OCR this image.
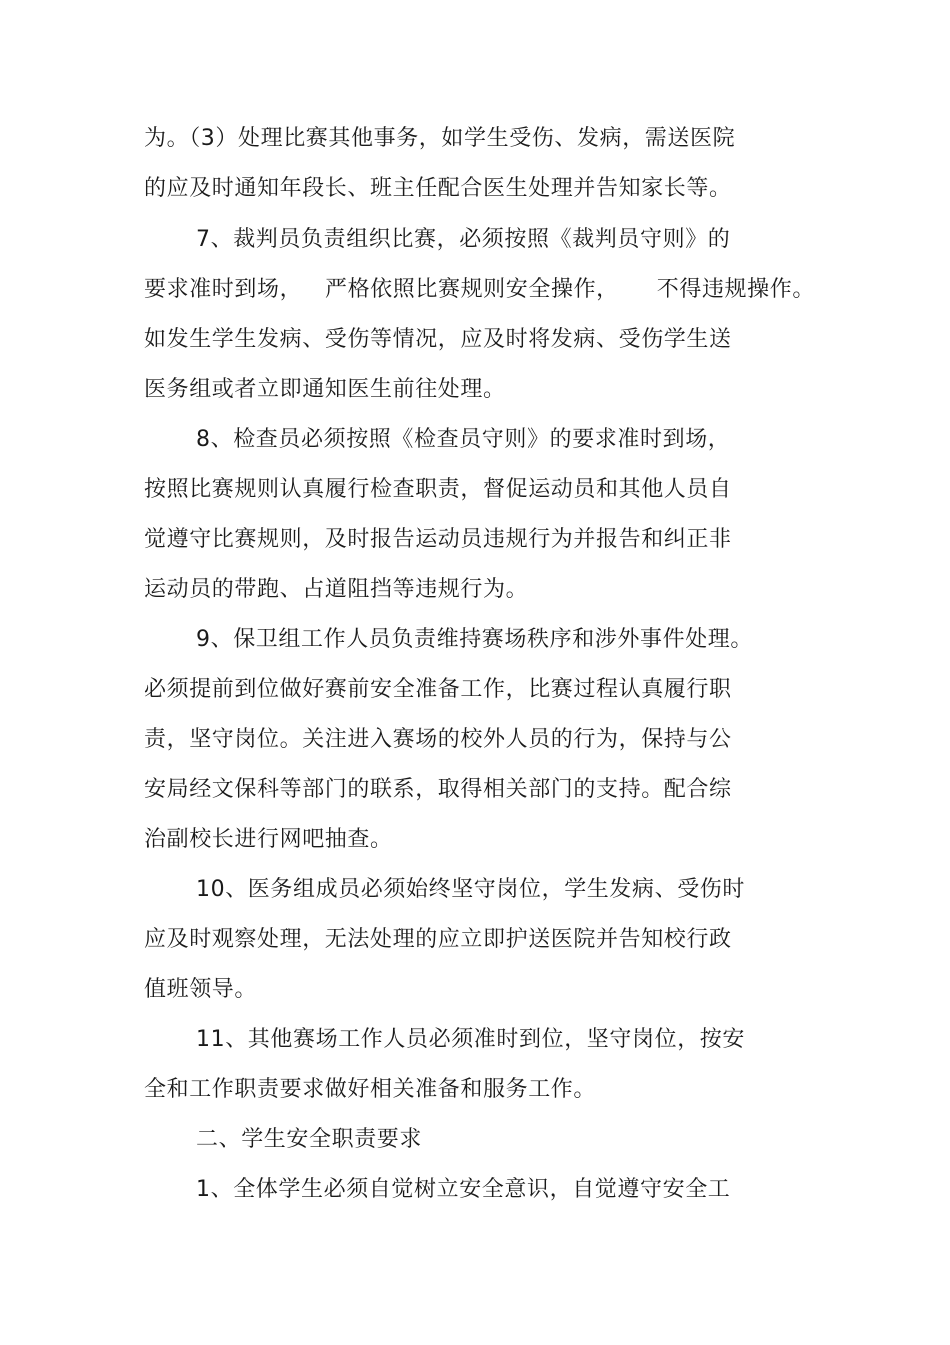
为。（3）处理比赛其他事务，如学生受伤、发病，需送医院
的应及时通知年段长、班主任配合医生处理并告知家长等。
7、裁判员负责组织比赛，必须按照《裁判员守则》的
要求准时到场，   严格依照比赛规则安全操作，     不得违规操作。
如发生学生发病、受伤等情况，应及时将发病、受伤学生送
医务组或者立即通知医生前往处理。
8、检查员必须按照《检查员守则》的要求准时到场，
按照比赛规则认真履行检查职责，督促运动员和其他人员自
觉遵守比赛规则，及时报告运动员违规行为并报告和纠正非
运动员的带跑、占道阻挡等违规行为。
9、保卫组工作人员负责维持赛场秩序和涉外事件处理。
必须提前到位做好赛前安全准备工作，比赛过程认真履行职
责，坚守岗位。关注进入赛场的校外人员的行为，保持与公
安局经文保科等部门的联系，取得相关部门的支持。配合综
治副校长进行网吧抽查。
10、医务组成员必须始终坚守岗位，学生发病、受伤时
应及时观察处理，无法处理的应立即护送医院并告知校行政
值班领导。
11、其他赛场工作人员必须准时到位，坚守岗位，按安
全和工作职责要求做好相关准备和服务工作。
二、学生安全职责要求
1、全体学生必须自觉树立安全意识，自觉遵守安全工
